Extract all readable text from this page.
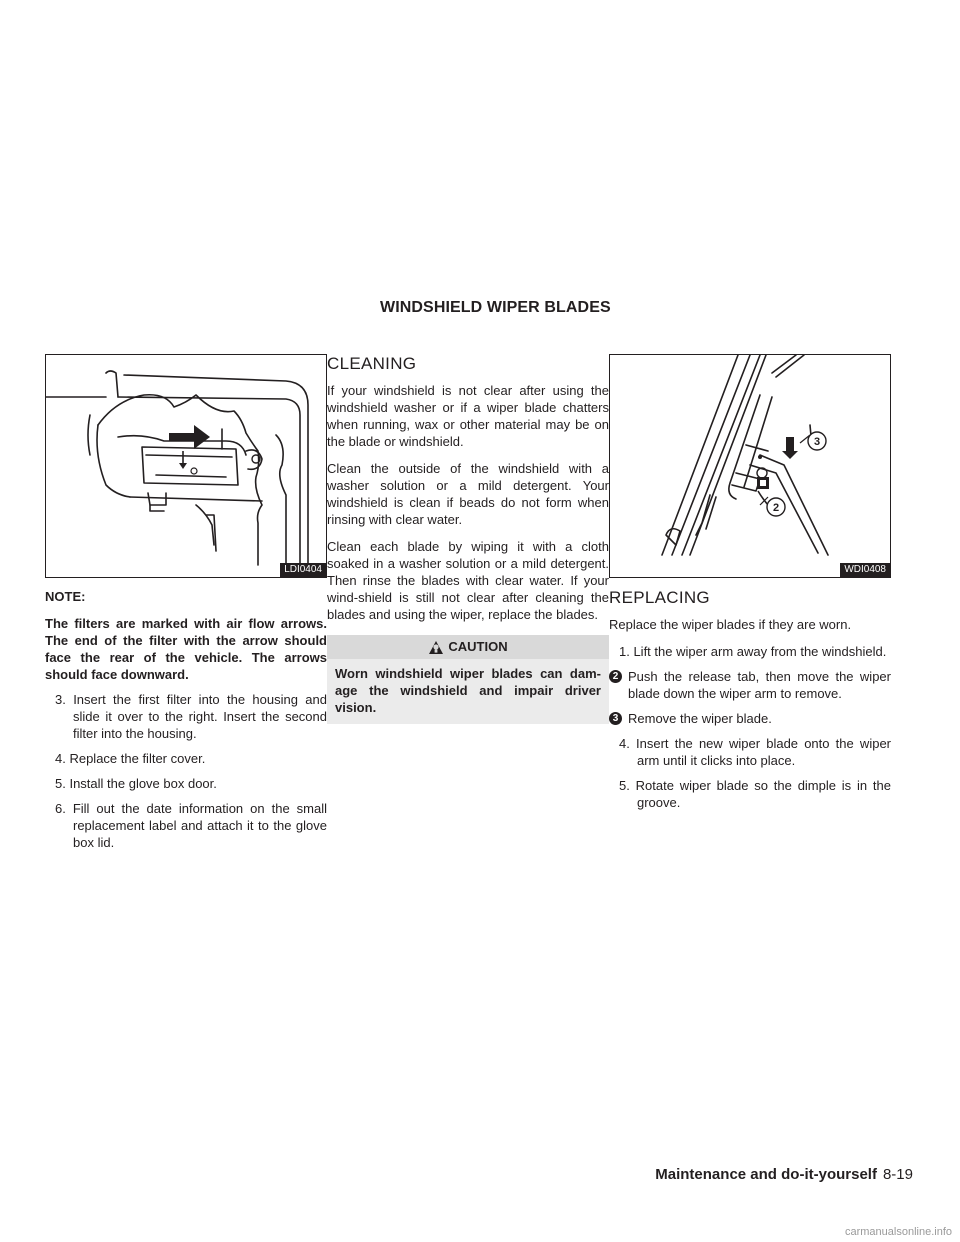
WINDSHIELD WIPER BLADES
LDI0404
NOTE:
The filters are marked with air flow arrows. The end of the filter with the arrow should face the rear of the vehicle. The arrows should face downward.
3. Insert the first filter into the housing and slide it over to the right. Insert the second filter into the housing.
4. Replace the filter cover.
5. Install the glove box door.
6. Fill out the date information on the small replacement label and attach it to the glove box lid.
CLEANING

If your windshield is not clear after using the windshield washer or if a wiper blade chatters when running, wax or other material may be on the blade or windshield.

Clean the outside of the windshield with a washer solution or a mild detergent. Your windshield is clean if beads do not form when rinsing with clear water.

Clean each blade by wiping it with a cloth soaked in a washer solution or a mild detergent. Then rinse the blades with clear water. If your wind-shield is still not clear after cleaning the blades and using the wiper, replace the blades.

CAUTION
Worn windshield wiper blades can dam-age the windshield and impair driver vision.
3
2
WDI0408
REPLACING

Replace the wiper blades if they are worn.

1. Lift the wiper arm away from the windshield.
2 Push the release tab, then move the wiper blade down the wiper arm to remove.
3 Remove the wiper blade.
4. Insert the new wiper blade onto the wiper arm until it clicks into place.
5. Rotate wiper blade so the dimple is in the groove.
Maintenance and do-it-yourself 8-19
carmanualsonline.info
